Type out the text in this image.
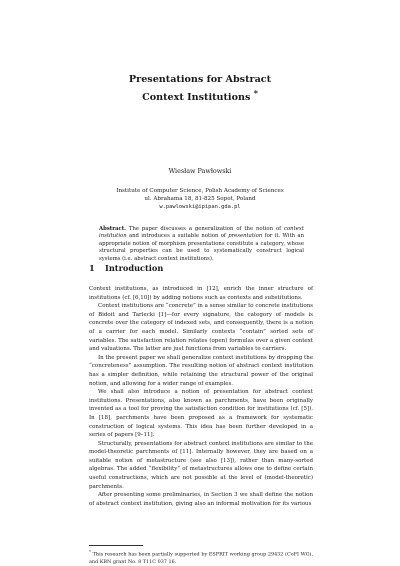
Presentations for Abstract
Context Institutions *
Wiesław Pawłowski
Institute of Computer Science, Polish Academy of Sciences
ul. Abrahama 18, 81-825 Sopot, Poland
w.pawlowski@ipipan.gda.pl
Abstract. The paper discusses a generalization of the notion of context institution and introduces a suitable notion of presentation for it. With an appropriate notion of morphism presentations constitute a category, whose structural properties can be used to systematically construct logical systems (i.e. abstract context institutions).
1 Introduction

Context institutions, as introduced in [12], enrich the inner structure of institutions (cf. [6,10]) by adding notions such as contexts and substitutions.

Context institutions are “concrete” in a sense similar to concrete institutions of Bidoit and Tarlecki [1]—for every signature, the category of models is concrete over the category of indexed sets, and consequently, there is a notion of a carrier for each model. Similarly contexts “contain” sorted sets of variables. The satisfaction relation relates (open) formulas over a given context and valuations. The latter are just functions from variables to carriers.

In the present paper we shall generalize context institutions by dropping the “concreteness” assumption. The resulting notion of abstract context institution has a simpler definition, while retaining the structural power of the original notion, and allowing for a wider range of examples.

We shall also introduce a notion of presentation for abstract context institutions. Presentations, also known as parchments, have been originally invented as a tool for proving the satisfaction condition for institutions (cf. [5]). In [18], parchments have been proposed as a framework for systematic construction of logical systems. This idea has been further developed in a series of papers [9–11].

Structurally, presentations for abstract context institutions are similar to the model-theoretic parchments of [11]. Internally however, they are based on a suitable notion of metastructure (see also [13]), rather than many-sorted algebras. The added “flexibility” of metastructures allows one to define certain useful constructions, which are not possible at the level of (model-theoretic) parchments.

After presenting some preliminaries, in Section 3 we shall define the notion of abstract context institution, giving also an informal motivation for its various

* This research has been partially supported by ESPRIT working group 29432 (CoFI WG), and KBN grant No. 8 T11C 037 16.
